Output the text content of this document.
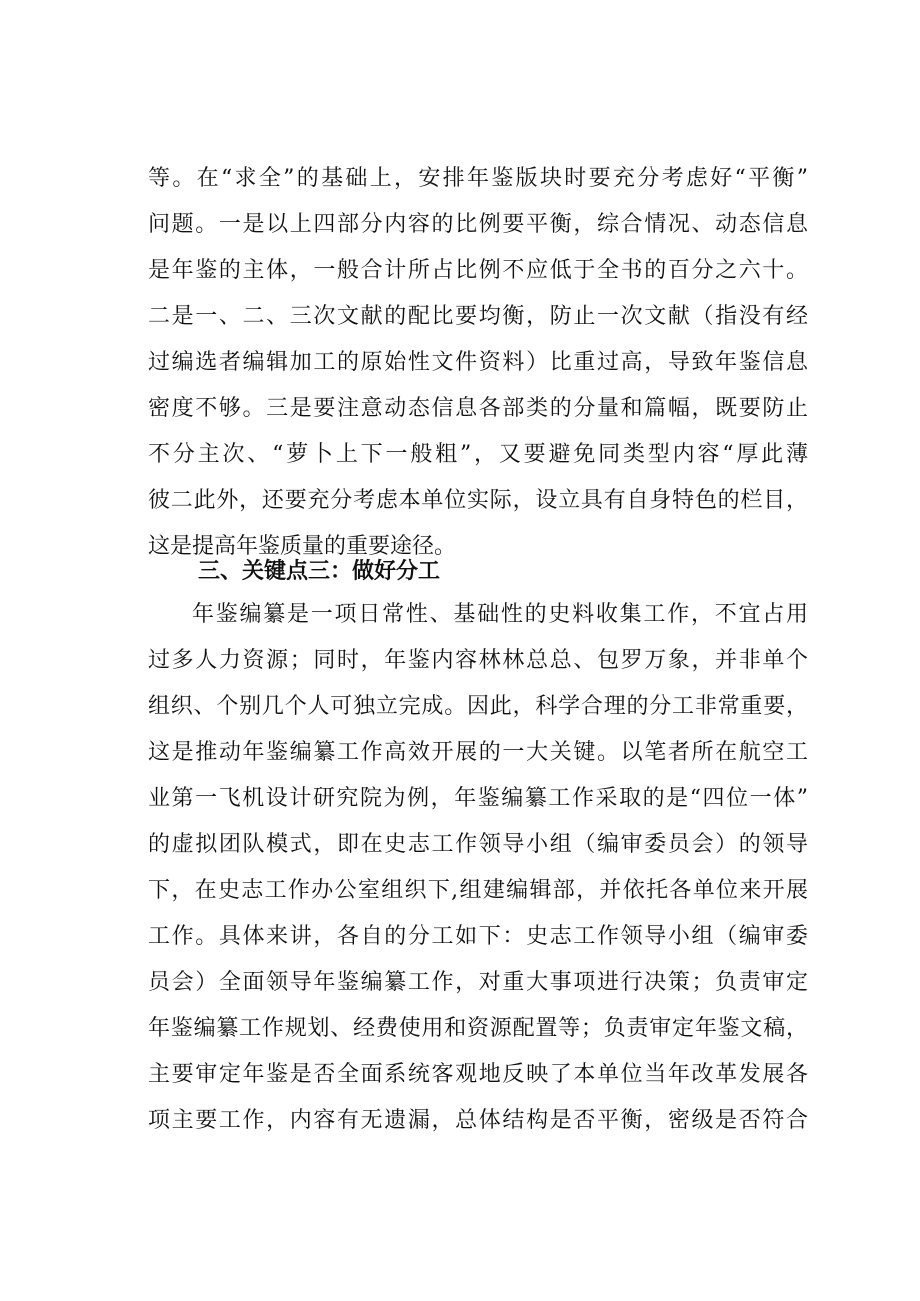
等。在“求全”的基础上，安排年鉴版块时要充分考虑好“平衡”
问题。一是以上四部分内容的比例要平衡，综合情况、动态信息
是年鉴的主体，一般合计所占比例不应低于全书的百分之六十。
二是一、二、三次文献的配比要均衡，防止一次文献（指没有经
过编选者编辑加工的原始性文件资料）比重过高，导致年鉴信息
密度不够。三是要注意动态信息各部类的分量和篇幅，既要防止
不分主次、“萝卜上下一般粗”，又要避免同类型内容“厚此薄
彼二此外，还要充分考虑本单位实际，设立具有自身特色的栏目，
这是提高年鉴质量的重要途径。
三、关键点三：做好分工
年鉴编纂是一项日常性、基础性的史料收集工作，不宜占用
过多人力资源；同时，年鉴内容林林总总、包罗万象，并非单个
组织、个别几个人可独立完成。因此，科学合理的分工非常重要，
这是推动年鉴编纂工作高效开展的一大关键。以笔者所在航空工
业第一飞机设计研究院为例，年鉴编纂工作采取的是“四位一体”
的虚拟团队模式，即在史志工作领导小组（编审委员会）的领导
下，在史志工作办公室组织下,组建编辑部，并依托各单位来开展
工作。具体来讲，各自的分工如下：史志工作领导小组（编审委
员会）全面领导年鉴编纂工作，对重大事项进行决策；负责审定
年鉴编纂工作规划、经费使用和资源配置等；负责审定年鉴文稿，
主要审定年鉴是否全面系统客观地反映了本单位当年改革发展各
项主要工作，内容有无遗漏，总体结构是否平衡，密级是否符合
